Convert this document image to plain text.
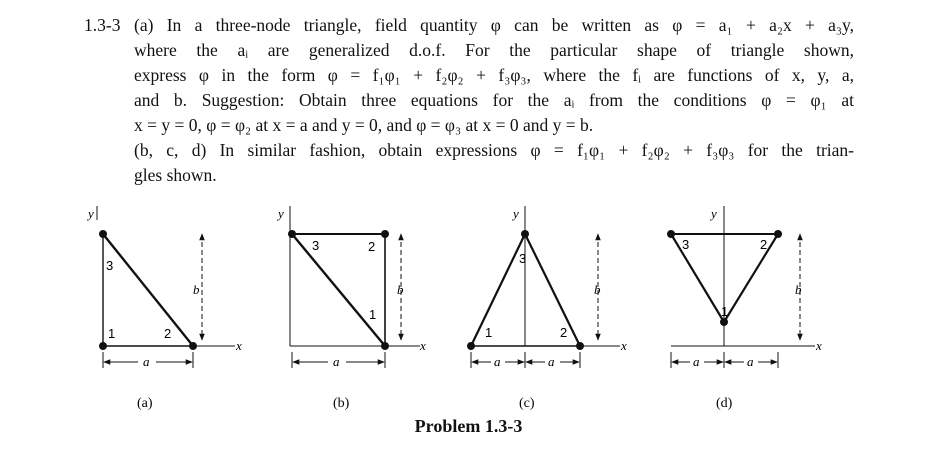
1.3-3 (a) In a three-node triangle, field quantity φ can be written as φ = a₁ + a₂x + a₃y,
where the aᵢ are generalized d.o.f. For the particular shape of triangle shown,
express φ in the form φ = f₁φ₁ + f₂φ₂ + f₃φ₃, where the fᵢ are functions of x, y, a,
and b. Suggestion: Obtain three equations for the aᵢ from the conditions φ = φ₁ at
x = y = 0, φ = φ₂ at x = a and y = 0, and φ = φ₃ at x = 0 and y = b.
(b, c, d) In similar fashion, obtain expressions φ = f₁φ₁ + f₂φ₂ + f₃φ₃ for the trian-
gles shown.
y
x
1	2
3
b
a
(a)
y
x
1
2
3
b
a
(b)
y
x
1	2
3
b
a	a
(c)
y
x
1
2
3
b
a	a
(d)
Problem 1.3-3
